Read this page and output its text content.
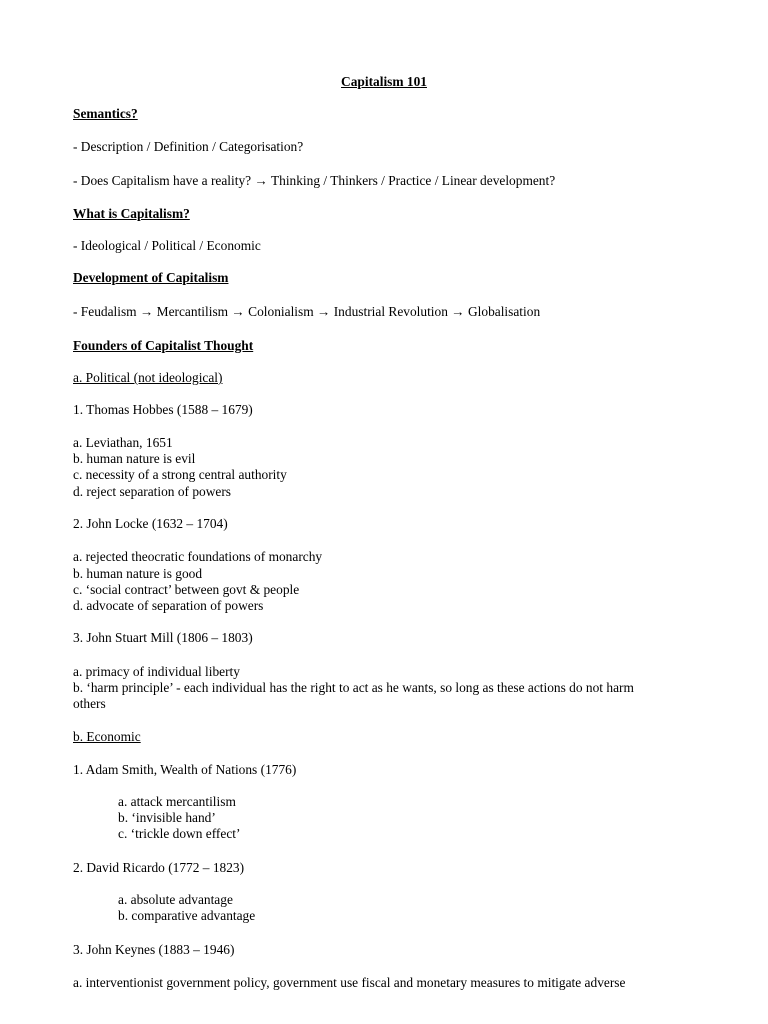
Capitalism 101
Semantics?
- Description / Definition / Categorisation?
- Does Capitalism have a reality? → Thinking / Thinkers / Practice / Linear development?
What is Capitalism?
- Ideological / Political / Economic
Development of Capitalism
- Feudalism → Mercantilism → Colonialism → Industrial Revolution → Globalisation
Founders of Capitalist Thought
a. Political (not ideological)
1. Thomas Hobbes (1588 – 1679)
a. Leviathan, 1651
b. human nature is evil
c. necessity of a strong central authority
d. reject separation of powers
2. John Locke (1632 – 1704)
a. rejected theocratic foundations of monarchy
b. human nature is good
c. ‘social contract’ between govt & people
d. advocate of separation of powers
3. John Stuart Mill (1806 – 1803)
a. primacy of individual liberty
b. ‘harm principle’ - each individual has the right to act as he wants, so long as these actions do not harm
others
b. Economic
1. Adam Smith, Wealth of Nations (1776)
a. attack mercantilism
b. ‘invisible hand’
c. ‘trickle down effect’
2. David Ricardo (1772 – 1823)
a. absolute advantage
b. comparative advantage
3. John Keynes (1883 – 1946)
a. interventionist government policy, government use fiscal and monetary measures to mitigate adverse
